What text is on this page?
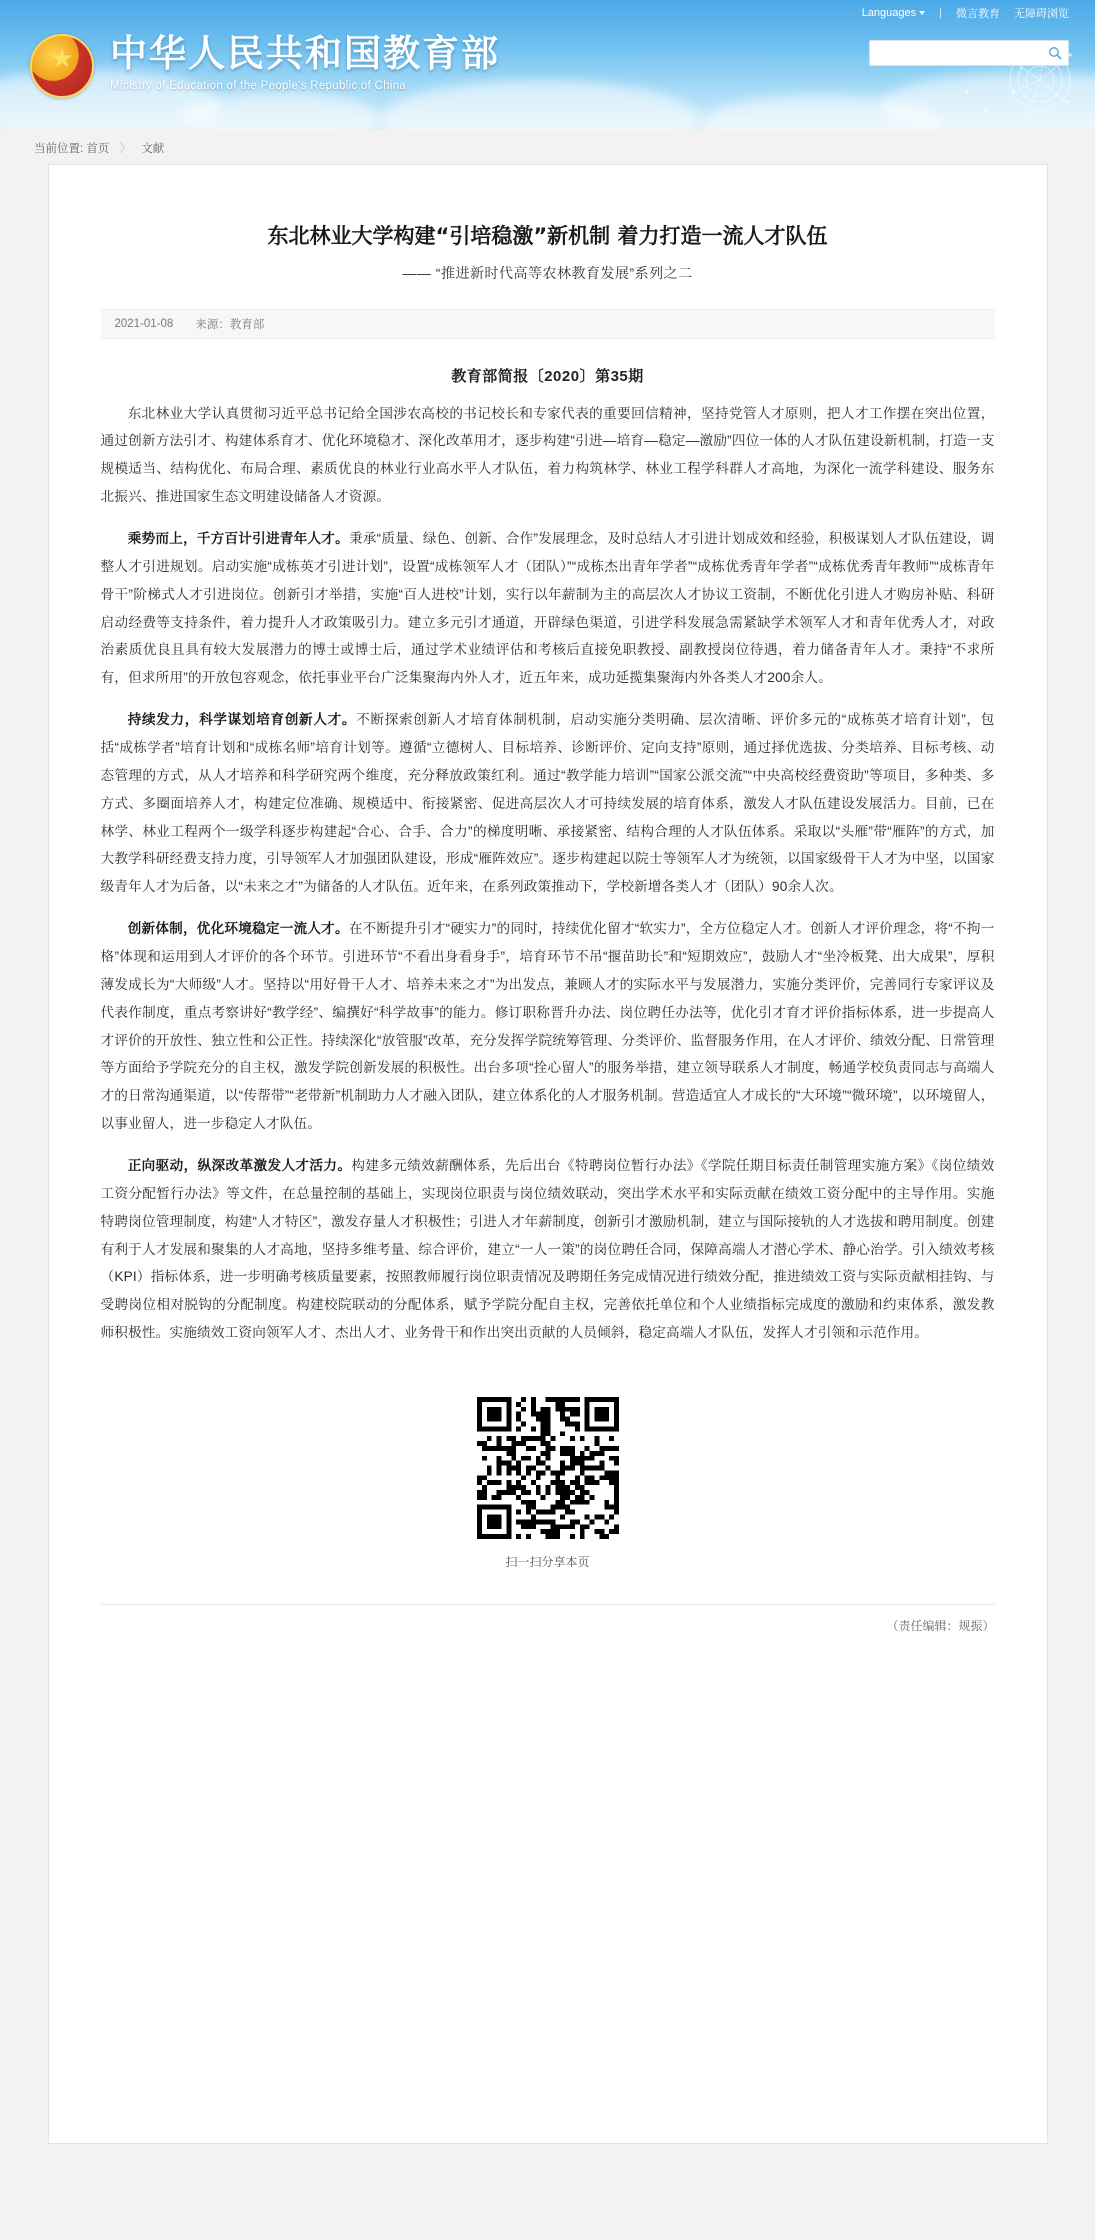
Languages | 微言教育 无障碍浏览
★
中华人民共和国教育部
Ministry of Education of the People's Republic of China
当前位置: 首页 〉 文献
东北林业大学构建“引培稳激”新机制 着力打造一流人才队伍
—— “推进新时代高等农林教育发展”系列之二
2021-01-08 来源：教育部
教育部简报〔2020〕第35期

东北林业大学认真贯彻习近平总书记给全国涉农高校的书记校长和专家代表的重要回信精神，坚持党管人才原则，把人才工作摆在突出位置，通过创新方法引才、构建体系育才、优化环境稳才、深化改革用才，逐步构建“引进—培育—稳定—激励”四位一体的人才队伍建设新机制，打造一支规模适当、结构优化、布局合理、素质优良的林业行业高水平人才队伍，着力构筑林学、林业工程学科群人才高地，为深化一流学科建设、服务东北振兴、推进国家生态文明建设储备人才资源。

乘势而上，千方百计引进青年人才。秉承“质量、绿色、创新、合作”发展理念，及时总结人才引进计划成效和经验，积极谋划人才队伍建设，调整人才引进规划。启动实施“成栋英才引进计划”，设置“成栋领军人才（团队）”“成栋杰出青年学者”“成栋优秀青年学者”“成栋优秀青年教师”“成栋青年骨干”阶梯式人才引进岗位。创新引才举措，实施“百人进校”计划，实行以年薪制为主的高层次人才协议工资制，不断优化引进人才购房补贴、科研启动经费等支持条件，着力提升人才政策吸引力。建立多元引才通道，开辟绿色渠道，引进学科发展急需紧缺学术领军人才和青年优秀人才，对政治素质优良且具有较大发展潜力的博士或博士后，通过学术业绩评估和考核后直接免职教授、副教授岗位待遇，着力储备青年人才。秉持“不求所有，但求所用”的开放包容观念，依托事业平台广泛集聚海内外人才，近五年来，成功延揽集聚海内外各类人才200余人。

持续发力，科学谋划培育创新人才。不断探索创新人才培育体制机制，启动实施分类明确、层次清晰、评价多元的“成栋英才培育计划”，包括“成栋学者”培育计划和“成栋名师”培育计划等。遵循“立德树人、目标培养、诊断评价、定向支持”原则，通过择优选拔、分类培养、目标考核、动态管理的方式，从人才培养和科学研究两个维度，充分释放政策红利。通过“教学能力培训”“国家公派交流”“中央高校经费资助”等项目，多种类、多方式、多圈面培养人才，构建定位准确、规模适中、衔接紧密、促进高层次人才可持续发展的培育体系，激发人才队伍建设发展活力。目前，已在林学、林业工程两个一级学科逐步构建起“合心、合手、合力”的梯度明晰、承接紧密、结构合理的人才队伍体系。采取以“头雁”带“雁阵”的方式，加大教学科研经费支持力度，引导领军人才加强团队建设，形成“雁阵效应”。逐步构建起以院士等领军人才为统领，以国家级骨干人才为中坚，以国家级青年人才为后备，以“未来之才”为储备的人才队伍。近年来，在系列政策推动下，学校新增各类人才（团队）90余人次。

创新体制，优化环境稳定一流人才。在不断提升引才“硬实力”的同时，持续优化留才“软实力”，全方位稳定人才。创新人才评价理念，将“不拘一格”体现和运用到人才评价的各个环节。引进环节“不看出身看身手”，培育环节不吊“揠苗助长”和“短期效应”，鼓励人才“坐冷板凳、出大成果”，厚积薄发成长为“大师级”人才。坚持以“用好骨干人才、培养未来之才”为出发点，兼顾人才的实际水平与发展潜力，实施分类评价，完善同行专家评议及代表作制度，重点考察讲好“教学经”、编撰好“科学故事”的能力。修订职称晋升办法、岗位聘任办法等，优化引才育才评价指标体系，进一步提高人才评价的开放性、独立性和公正性。持续深化“放管服”改革，充分发挥学院统筹管理、分类评价、监督服务作用，在人才评价、绩效分配、日常管理等方面给予学院充分的自主权，激发学院创新发展的积极性。出台多项“拴心留人”的服务举措，建立领导联系人才制度，畅通学校负责同志与高端人才的日常沟通渠道，以“传帮带”“老带新”机制助力人才融入团队，建立体系化的人才服务机制。营造适宜人才成长的“大环境”“微环境”，以环境留人，以事业留人，进一步稳定人才队伍。

正向驱动，纵深改革激发人才活力。构建多元绩效薪酬体系，先后出台《特聘岗位暂行办法》《学院任期目标责任制管理实施方案》《岗位绩效工资分配暂行办法》等文件，在总量控制的基础上，实现岗位职责与岗位绩效联动，突出学术水平和实际贡献在绩效工资分配中的主导作用。实施特聘岗位管理制度，构建“人才特区”，激发存量人才积极性；引进人才年薪制度，创新引才激励机制，建立与国际接轨的人才选拔和聘用制度。创建有利于人才发展和聚集的人才高地，坚持多维考量、综合评价，建立“一人一策”的岗位聘任合同，保障高端人才潜心学术、静心治学。引入绩效考核（KPI）指标体系，进一步明确考核质量要素，按照教师履行岗位职责情况及聘期任务完成情况进行绩效分配，推进绩效工资与实际贡献相挂钩、与受聘岗位相对脱钩的分配制度。构建校院联动的分配体系，赋予学院分配自主权，完善依托单位和个人业绩指标完成度的激励和约束体系，激发教师积极性。实施绩效工资向领军人才、杰出人才、业务骨干和作出突出贡献的人员倾斜，稳定高端人才队伍，发挥人才引领和示范作用。

扫一扫分享本页
（责任编辑：规振）
